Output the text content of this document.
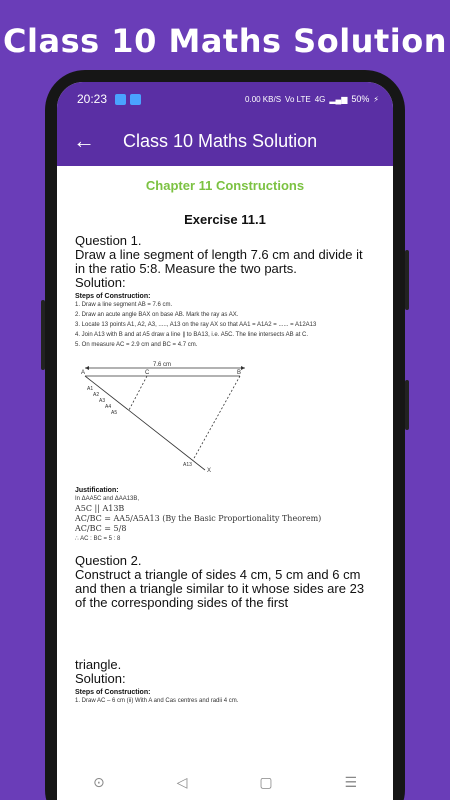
Class 10 Maths Solution
20:23	0.00 KB/S Vo LTE 4G ▂▄▆ 50% ⚡
←	Class 10 Maths Solution
Chapter 11 Constructions
Exercise 11.1
Question 1.
Draw a line segment of length 7.6 cm and divide it in the ratio 5:8. Measure the two parts.
Solution:
Steps of Construction:
1. Draw a line segment AB = 7.6 cm.
2. Draw an acute angle BAX on base AB. Mark the ray as AX.
3. Locate 13 points A1, A2, A3, ....., A13 on the ray AX so that AA1 = A1A2 = ...... = A12A13
4. Join A13 with B and at A5 draw a line ∥ to BA13, i.e. A5C. The line intersects AB at C.
5. On measure AC = 2.9 cm and BC = 4.7 cm.
7.6 cm
A	C	B
X
A13
A1
A2
A3
A4
A5
Justification:
In ΔAA5C and ΔAA13B,
A5C || A13B
AC/BC = AA5/A5A13 (By the Basic Proportionality Theorem)
AC/BC = 5/8
∴ AC : BC = 5 : 8
Question 2.
Construct a triangle of sides 4 cm, 5 cm and 6 cm and then a triangle similar to it whose sides are 23 of the corresponding sides of the first
triangle.
Solution:
Steps of Construction:
1. Draw AC – 6 cm (ii) With A and Cas centres and radii 4 cm.
⊙	◁	▢	☰
